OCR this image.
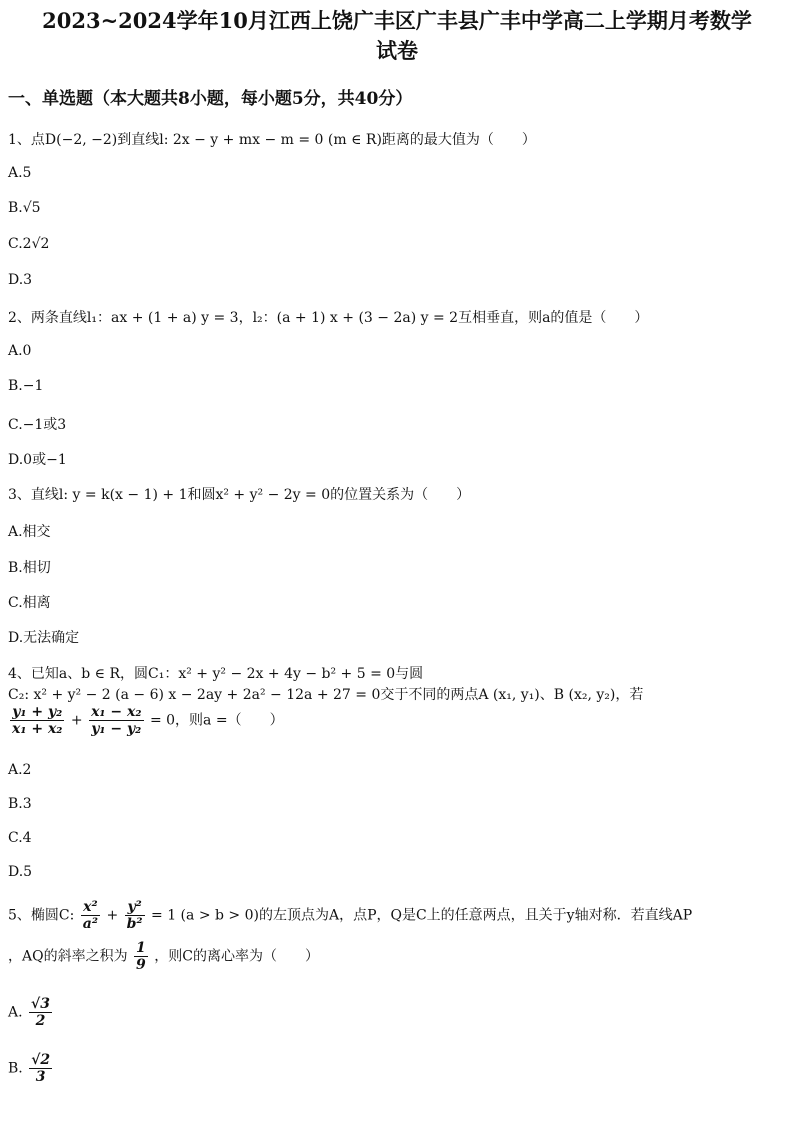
2023~2024学年10月江西上饶广丰区广丰县广丰中学高二上学期月考数学
试卷
一、单选题（本大题共8小题，每小题5分，共40分）
1、点D(−2, −2)到直线l: 2x − y + mx − m = 0 (m ∈ R)距离的最大值为（　　）
A.5
B.√5
C.2√2
D.3
2、两条直线l₁：ax + (1 + a) y = 3，l₂：(a + 1) x + (3 − 2a) y = 2互相垂直，则a的值是（　　）
A.0
B.−1
C.−1或3
D.0或−1
3、直线l: y = k(x − 1) + 1和圆x² + y² − 2y = 0的位置关系为（　　）
A.相交
B.相切
C.相离
D.无法确定
4、已知a、b ∈ R，圆C₁：x² + y² − 2x + 4y − b² + 5 = 0与圆
C₂: x² + y² − 2 (a − 6) x − 2ay + 2a² − 12a + 27 = 0交于不同的两点A (x₁, y₁)、B (x₂, y₂)，若
$\frac{\text{y₁ + y₂}}{\text{x₁ + x₂}} + \frac{\text{x₁ − x₂}}{\text{y₁ − y₂}} = 0$，则a =（　　）
A.2
B.3
C.4
D.5
5、椭圆C: $\frac{\text{x²}}{\text{a²}} + \frac{\text{y²}}{\text{b²}} = 1$ (a > b > 0)的左顶点为A，点P，Q是C上的任意两点，且关于y轴对称．若直线AP
，AQ的斜率之积为 $\frac{1}{9}$ ，则C的离心率为（　　）
A. $\frac{√3}{2}$
B. $\frac{√2}{3}$
